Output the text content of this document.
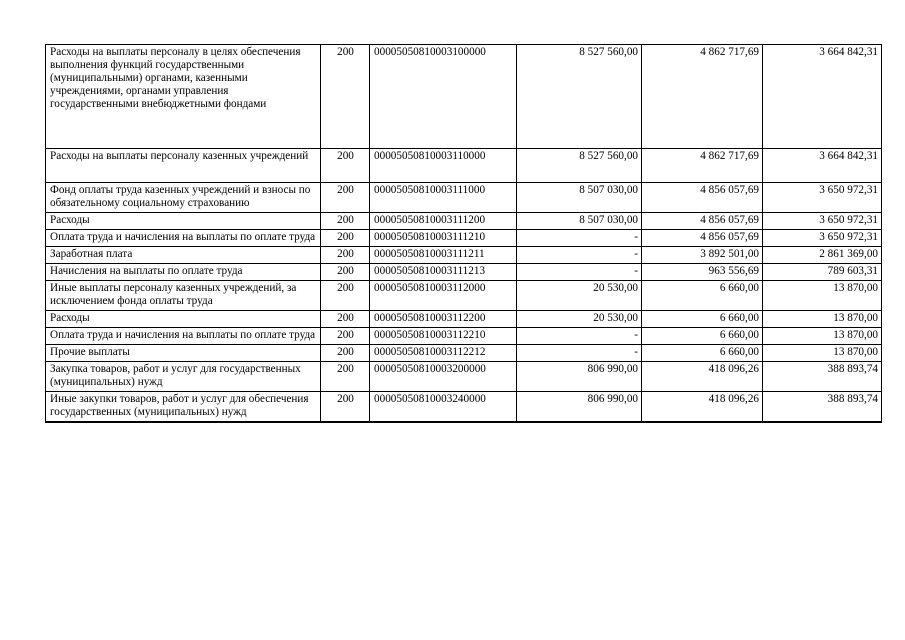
Расходы на выплаты персоналу в целях обеспечения выполнения функций государственными (муниципальными) органами, казенными учреждениями, органами управления государственными внебюджетными фондами	200	00005050810003100000	8 527 560,00	4 862 717,69	3 664 842,31
Расходы на выплаты персоналу казенных учреждений	200	00005050810003110000	8 527 560,00	4 862 717,69	3 664 842,31
Фонд оплаты труда казенных учреждений и взносы по обязательному социальному страхованию	200	00005050810003111000	8 507 030,00	4 856 057,69	3 650 972,31
Расходы	200	00005050810003111200	8 507 030,00	4 856 057,69	3 650 972,31
Оплата труда и начисления на выплаты по оплате труда	200	00005050810003111210	-	4 856 057,69	3 650 972,31
Заработная плата	200	00005050810003111211	-	3 892 501,00	2 861 369,00
Начисления на выплаты по оплате труда	200	00005050810003111213	-	963 556,69	789 603,31
Иные выплаты персоналу казенных учреждений, за исключением фонда оплаты труда	200	00005050810003112000	20 530,00	6 660,00	13 870,00
Расходы	200	00005050810003112200	20 530,00	6 660,00	13 870,00
Оплата труда и начисления на выплаты по оплате труда	200	00005050810003112210	-	6 660,00	13 870,00
Прочие выплаты	200	00005050810003112212	-	6 660,00	13 870,00
Закупка товаров, работ и услуг для государственных (муниципальных) нужд	200	00005050810003200000	806 990,00	418 096,26	388 893,74
Иные закупки товаров, работ и услуг для обеспечения государственных (муниципальных) нужд	200	00005050810003240000	806 990,00	418 096,26	388 893,74
